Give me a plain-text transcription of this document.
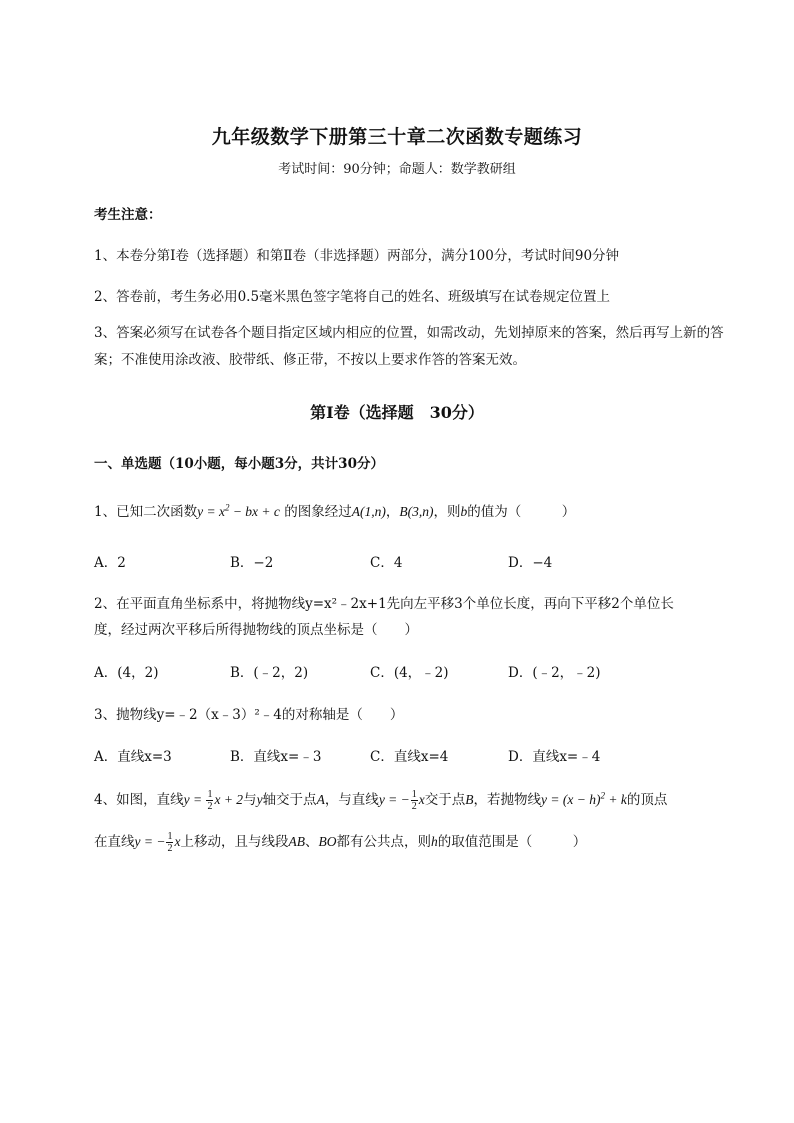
九年级数学下册第三十章二次函数专题练习
考试时间：90分钟；命题人：数学教研组
考生注意：
1、本卷分第Ⅰ卷（选择题）和第Ⅱ卷（非选择题）两部分，满分100分，考试时间90分钟
2、答卷前，考生务必用0.5毫米黑色签字笔将自己的姓名、班级填写在试卷规定位置上
3、答案必须写在试卷各个题目指定区域内相应的位置，如需改动，先划掉原来的答案，然后再写上新的答案；不准使用涂改液、胶带纸、修正带，不按以上要求作答的答案无效。
第Ⅰ卷（选择题　30分）
一、单选题（10小题，每小题3分，共计30分）
1、已知二次函数$y = x^2$ − bx + c 的图象经过A(1,n)，B(3,n)，则b的值为（　　　）
A．2	B．−2	C．4	D．−4
2、在平面直角坐标系中，将抛物线y=x²﹣2x+1先向左平移3个单位长度，再向下平移2个单位长
度，经过两次平移后所得抛物线的顶点坐标是（　　）
A．(4，2)	B．(﹣2，2)	C．(4，﹣2)	D．(﹣2，﹣2)
3、抛物线y=﹣2（x﹣3）²﹣4的对称轴是（　　）
A．直线x=3	B．直线x=﹣3	C．直线x=4	D．直线x=﹣4
4、如图，直线$y = \frac{1}{2}$ x + 2与y轴交于点A，与直线y = − $\frac{1}{2}$ x交于点B，若抛物线$y = (x - h)^2 + k$的顶点
在直线y = − $\frac{1}{2}$ x上移动，且与线段AB、BO都有公共点，则h的取值范围是（　　　）
